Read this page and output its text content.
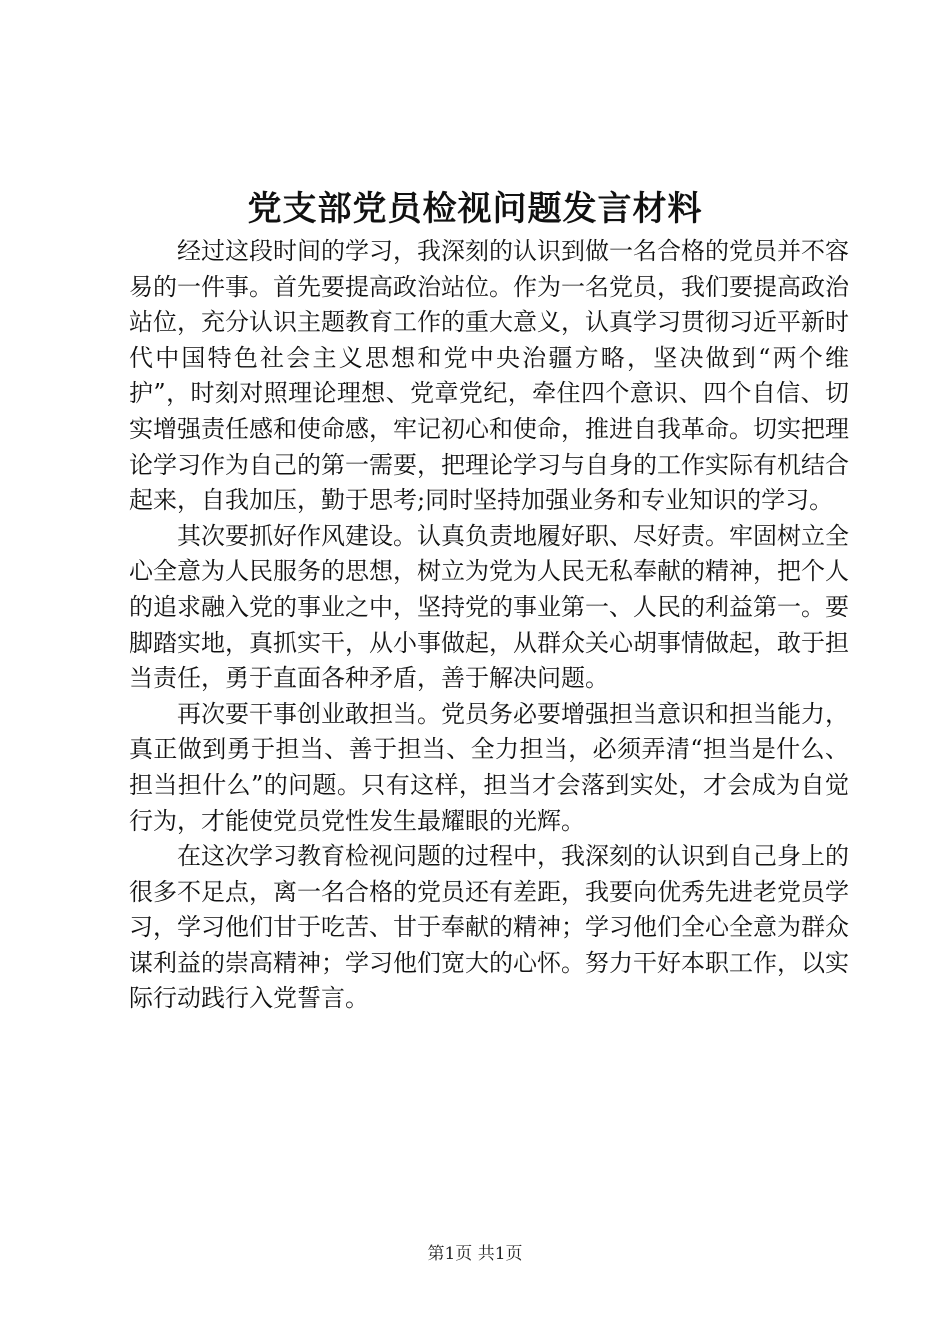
党支部党员检视问题发言材料

经过这段时间的学习，我深刻的认识到做一名合格的党员并不容易的一件事。首先要提高政治站位。作为一名党员，我们要提高政治站位，充分认识主题教育工作的重大意义，认真学习贯彻习近平新时代中国特色社会主义思想和党中央治疆方略，坚决做到“两个维护”，时刻对照理论理想、党章党纪，牵住四个意识、四个自信、切实增强责任感和使命感，牢记初心和使命，推进自我革命。切实把理论学习作为自己的第一需要，把理论学习与自身的工作实际有机结合起来，自我加压，勤于思考;同时坚持加强业务和专业知识的学习。

其次要抓好作风建设。认真负责地履好职、尽好责。牢固树立全心全意为人民服务的思想，树立为党为人民无私奉献的精神，把个人的追求融入党的事业之中，坚持党的事业第一、人民的利益第一。要脚踏实地，真抓实干，从小事做起，从群众关心胡事情做起，敢于担当责任，勇于直面各种矛盾，善于解决问题。

再次要干事创业敢担当。党员务必要增强担当意识和担当能力，真正做到勇于担当、善于担当、全力担当，必须弄清“担当是什么、担当担什么”的问题。只有这样，担当才会落到实处，才会成为自觉行为，才能使党员党性发生最耀眼的光辉。

在这次学习教育检视问题的过程中，我深刻的认识到自己身上的很多不足点，离一名合格的党员还有差距，我要向优秀先进老党员学习，学习他们甘于吃苦、甘于奉献的精神；学习他们全心全意为群众谋利益的崇高精神；学习他们宽大的心怀。努力干好本职工作，以实际行动践行入党誓言。

第1页 共1页
